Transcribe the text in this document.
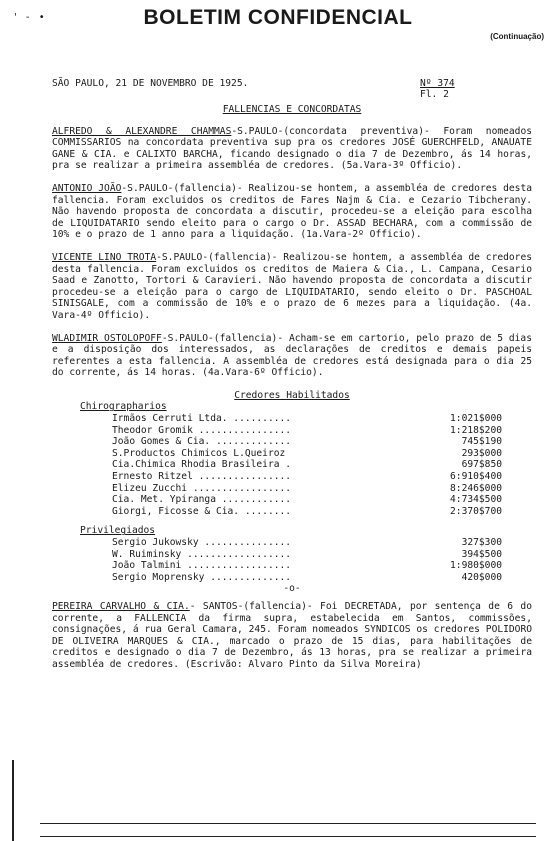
' - •	BOLETIM CONFIDENCIAL
(Continuação)
SÃO PAULO, 21 DE NOVEMBRO DE 1925.	Nº 374
Fl. 2
FALLENCIAS E CONCORDATAS

ALFREDO & ALEXANDRE CHAMMAS-S.PAULO-(concordata preventiva)- Foram nomeados COMMISSARIOS na concordata preventiva sup pra os credores JOSÉ GUERCHFELD, ANAUATE GANE & CIA. e CALIXTO BARCHA, ficando designado o dia 7 de Dezembro, ás 14 horas, pra se realizar a primeira assembléa de credores. (5a.Vara-3º Officio).

ANTONIO JOÃO-S.PAULO-(fallencia)- Realizou-se hontem, a assembléa de credores desta fallencia. Foram excluidos os creditos de Fares Najm & Cia. e Cezario Tibcherany. Não havendo proposta de concordata a discutir, procedeu-se a eleição para escolha de LIQUIDATARIO sendo eleito para o cargo o Dr. ASSAD BECHARA, com a commissão de 10% e o prazo de 1 anno para a liquidação. (1a.Vara-2º Officio).

VICENTE LINO TROTA-S.PAULO-(fallencia)- Realizou-se hontem, a assembléa de credores desta fallencia. Foram excluidos os creditos de Maiera & Cia., L. Campana, Cesario Saad e Zanotto, Tortori & Caravieri. Não havendo proposta de concordata a discutir procedeu-se a eleição para o cargo de LIQUIDATARIO, sendo eleito o Dr. PASCHOAL SINISGALE, com a commissão de 10% e o prazo de 6 mezes para a liquidação. (4a. Vara-4º Officio).

WLADIMIR OSTOLOPOFF-S.PAULO-(fallencia)- Acham-se em cartorio, pelo prazo de 5 dias e a disposição dos interessados, as declarações de creditos e demais papeis referentes a esta fallencia. A assembléa de credores está designada para o dia 25 do corrente, ás 14 horas. (4a.Vara-6º Officio).

Credores Habilitados
Chirographarios
Irmãos Cerruti Ltda. ..........	1:021$000
Theodor Gromik ................	1:218$200
João Gomes & Cia. .............	745$190
S.Productos Chimicos L.Queiroz	293$000
Cia.Chimica Rhodia Brasileira .	697$850
Ernesto Ritzel ................	6:910$400
Elizeu Zucchi .................	8:246$000
Cia. Met. Ypiranga ............	4:734$500
Giorgi, Ficosse & Cia. ........	2:370$700
Privilegiados
Sergio Jukowsky ...............	327$300
W. Ruiminsky ..................	394$500
João Talmini ..................	1:980$000
Sergio Moprensky ..............	420$000
-o-

PEREIRA CARVALHO & CIA.- SANTOS-(fallencia)- Foi DECRETADA, por sentença de 6 do corrente, a FALLENCIA da firma supra, estabelecida em Santos, commissões, consignações, á rua Geral Camara, 245. Foram nomeados SYNDICOS os credores POLIDORO DE OLIVEIRA MARQUES & CIA., marcado o prazo de 15 dias, para habilitações de creditos e designado o dia 7 de Dezembro, ás 13 horas, pra se realizar a primeira assembléa de credores. (Escrivão: Alvaro Pinto da Silva Moreira)
